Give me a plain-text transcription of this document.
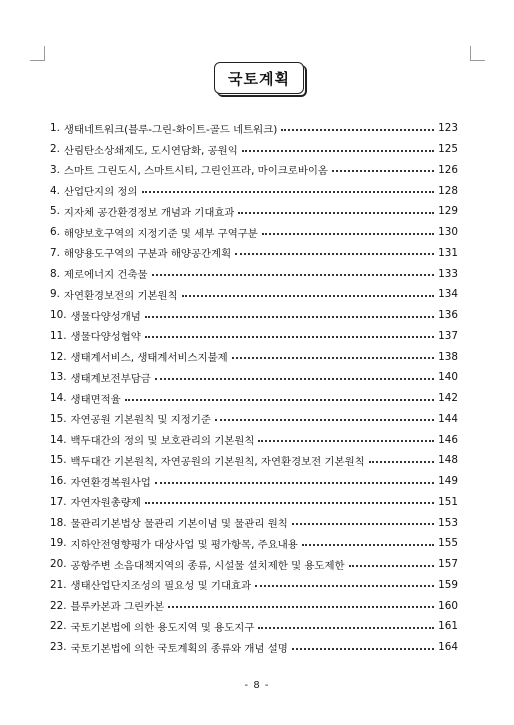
국토계획
1. 생태네트워크(블루-그린-화이트-골드 네트워크)	123
2. 산림탄소상쇄제도, 도시연담화, 공원익	125
3. 스마트 그린도시, 스마트시티, 그린인프라, 마이크로바이옴	126
4. 산업단지의 정의	128
5. 지자체 공간환경정보 개념과 기대효과	129
6. 해양보호구역의 지정기준 및 세부 구역구분	130
7. 해양용도구역의 구분과 해양공간계획	131
8. 제로에너지 건축물	133
9. 자연환경보전의 기본원칙	134
10. 생물다양성개념	136
11. 생물다양성협약	137
12. 생태계서비스, 생태계서비스지불제	138
13. 생태계보전부담금	140
14. 생태면적율	142
15. 자연공원 기본원칙 및 지정기준	144
14. 백두대간의 정의 및 보호관리의 기본원칙	146
15. 백두대간 기본원칙, 자연공원의 기본원칙, 자연환경보전 기본원칙	148
16. 자연환경복원사업	149
17. 자연자원총량제	151
18. 물관리기본법상 물관리 기본이념 및 물관리 원칙	153
19. 지하안전영향평가 대상사업 및 평가항목, 주요내용	155
20. 공항주변 소음대책지역의 종류, 시설물 설치제한 및 용도제한	157
21. 생태산업단지조성의 필요성 및 기대효과	159
22. 블루카본과 그린카본	160
22. 국토기본법에 의한 용도지역 및 용도지구	161
23. 국토기본법에 의한 국토계획의 종류와 개념 설명	164
- 8 -
